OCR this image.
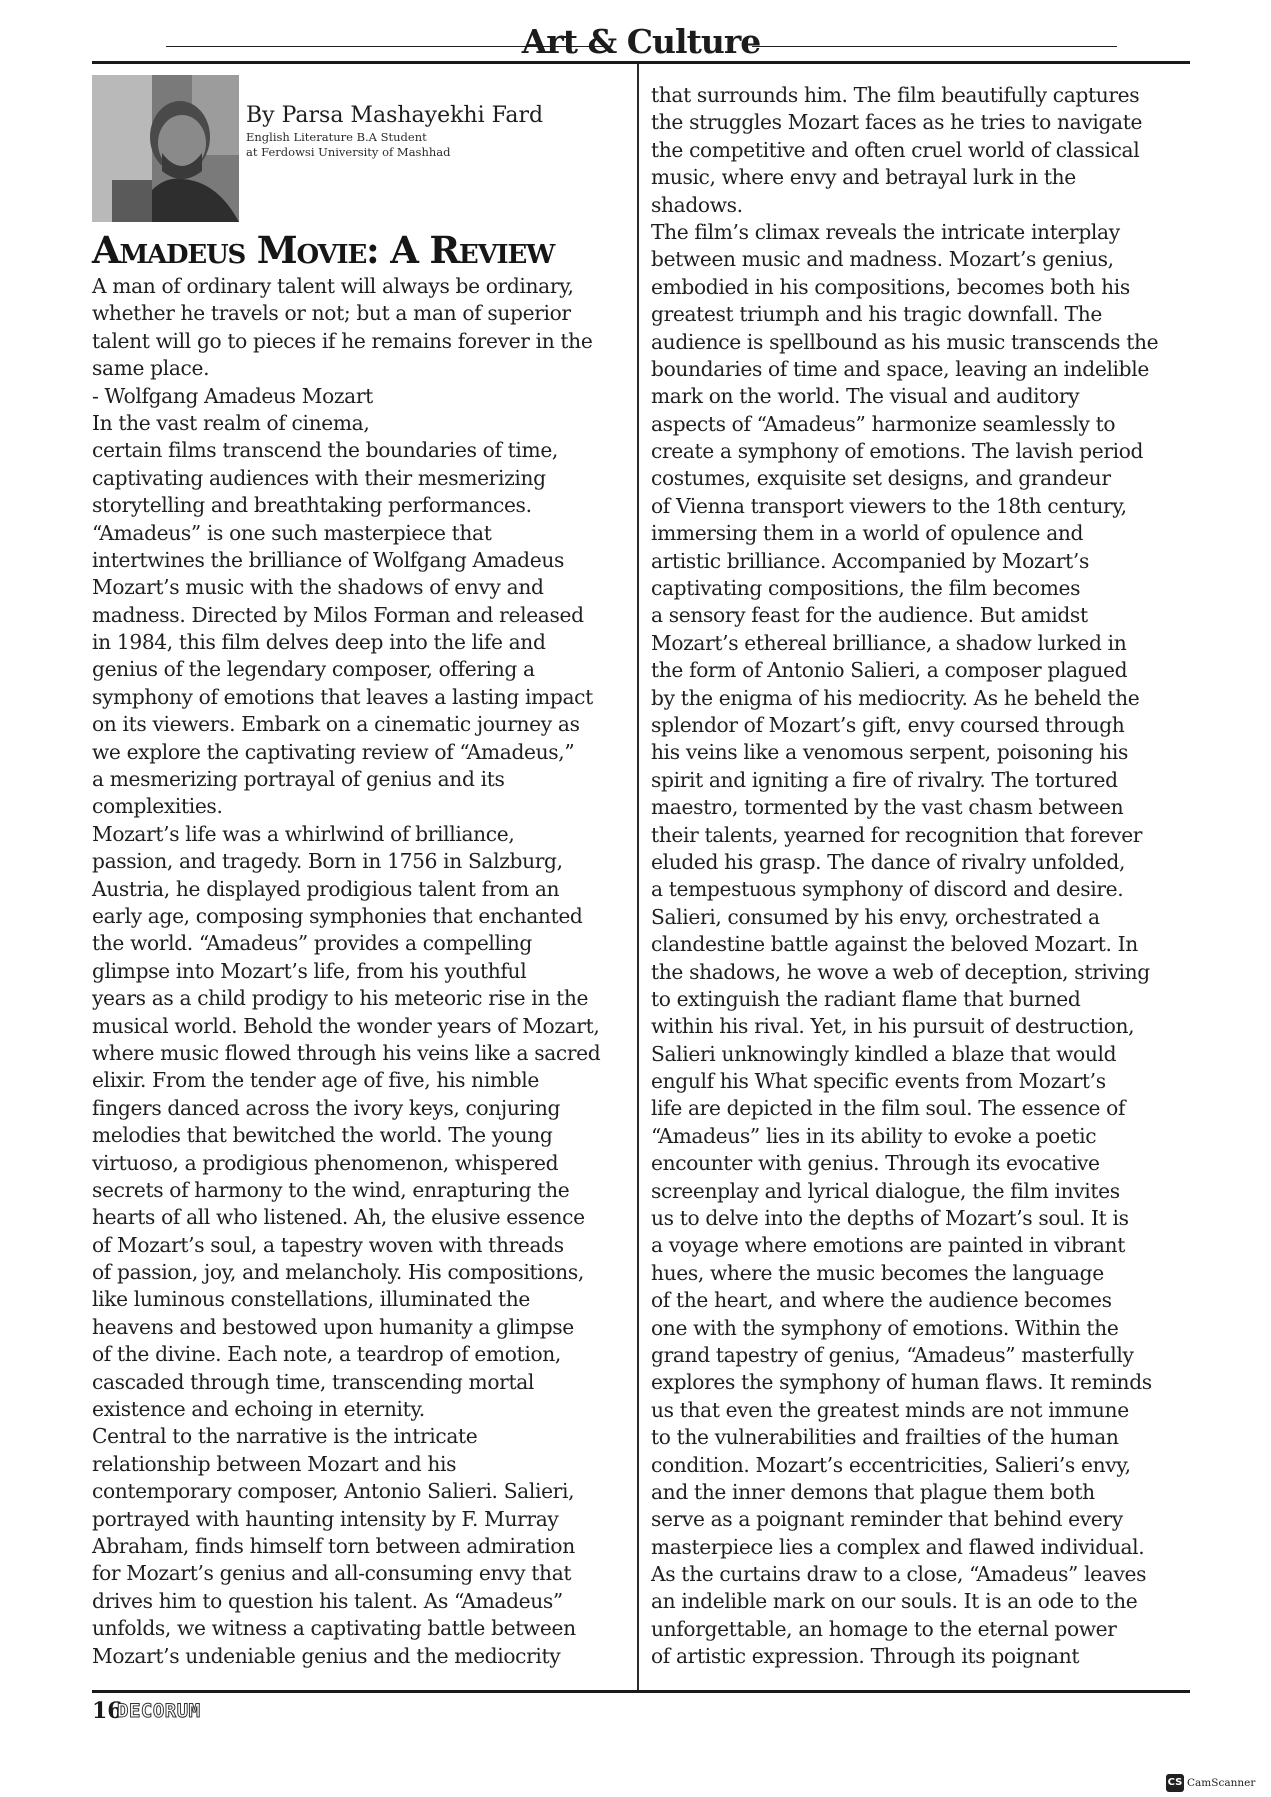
Art & Culture
By Parsa Mashayekhi Fard
English Literature B.A Student
at Ferdowsi University of Mashhad
Amadeus Movie: A Review
A man of ordinary talent will always be ordinary,
whether he travels or not; but a man of superior
talent will go to pieces if he remains forever in the
same place.
- Wolfgang Amadeus Mozart
In the vast realm of cinema,
certain films transcend the boundaries of time,
captivating audiences with their mesmerizing
storytelling and breathtaking performances.
“Amadeus” is one such masterpiece that
intertwines the brilliance of Wolfgang Amadeus
Mozart’s music with the shadows of envy and
madness. Directed by Milos Forman and released
in 1984, this film delves deep into the life and
genius of the legendary composer, offering a
symphony of emotions that leaves a lasting impact
on its viewers. Embark on a cinematic journey as
we explore the captivating review of “Amadeus,”
a mesmerizing portrayal of genius and its
complexities.
Mozart’s life was a whirlwind of brilliance,
passion, and tragedy. Born in 1756 in Salzburg,
Austria, he displayed prodigious talent from an
early age, composing symphonies that enchanted
the world. “Amadeus” provides a compelling
glimpse into Mozart’s life, from his youthful
years as a child prodigy to his meteoric rise in the
musical world. Behold the wonder years of Mozart,
where music flowed through his veins like a sacred
elixir. From the tender age of five, his nimble
fingers danced across the ivory keys, conjuring
melodies that bewitched the world. The young
virtuoso, a prodigious phenomenon, whispered
secrets of harmony to the wind, enrapturing the
hearts of all who listened. Ah, the elusive essence
of Mozart’s soul, a tapestry woven with threads
of passion, joy, and melancholy. His compositions,
like luminous constellations, illuminated the
heavens and bestowed upon humanity a glimpse
of the divine. Each note, a teardrop of emotion,
cascaded through time, transcending mortal
existence and echoing in eternity.
Central to the narrative is the intricate
relationship between Mozart and his
contemporary composer, Antonio Salieri. Salieri,
portrayed with haunting intensity by F. Murray
Abraham, finds himself torn between admiration
for Mozart’s genius and all-consuming envy that
drives him to question his talent. As “Amadeus”
unfolds, we witness a captivating battle between
Mozart’s undeniable genius and the mediocrity
that surrounds him. The film beautifully captures
the struggles Mozart faces as he tries to navigate
the competitive and often cruel world of classical
music, where envy and betrayal lurk in the
shadows.
The film’s climax reveals the intricate interplay
between music and madness. Mozart’s genius,
embodied in his compositions, becomes both his
greatest triumph and his tragic downfall. The
audience is spellbound as his music transcends the
boundaries of time and space, leaving an indelible
mark on the world. The visual and auditory
aspects of “Amadeus” harmonize seamlessly to
create a symphony of emotions. The lavish period
costumes, exquisite set designs, and grandeur
of Vienna transport viewers to the 18th century,
immersing them in a world of opulence and
artistic brilliance. Accompanied by Mozart’s
captivating compositions, the film becomes
a sensory feast for the audience. But amidst
Mozart’s ethereal brilliance, a shadow lurked in
the form of Antonio Salieri, a composer plagued
by the enigma of his mediocrity. As he beheld the
splendor of Mozart’s gift, envy coursed through
his veins like a venomous serpent, poisoning his
spirit and igniting a fire of rivalry. The tortured
maestro, tormented by the vast chasm between
their talents, yearned for recognition that forever
eluded his grasp. The dance of rivalry unfolded,
a tempestuous symphony of discord and desire.
Salieri, consumed by his envy, orchestrated a
clandestine battle against the beloved Mozart. In
the shadows, he wove a web of deception, striving
to extinguish the radiant flame that burned
within his rival. Yet, in his pursuit of destruction,
Salieri unknowingly kindled a blaze that would
engulf his What specific events from Mozart’s
life are depicted in the film soul. The essence of
“Amadeus” lies in its ability to evoke a poetic
encounter with genius. Through its evocative
screenplay and lyrical dialogue, the film invites
us to delve into the depths of Mozart’s soul. It is
a voyage where emotions are painted in vibrant
hues, where the music becomes the language
of the heart, and where the audience becomes
one with the symphony of emotions. Within the
grand tapestry of genius, “Amadeus” masterfully
explores the symphony of human flaws. It reminds
us that even the greatest minds are not immune
to the vulnerabilities and frailties of the human
condition. Mozart’s eccentricities, Salieri’s envy,
and the inner demons that plague them both
serve as a poignant reminder that behind every
masterpiece lies a complex and flawed individual.
As the curtains draw to a close, “Amadeus” leaves
an indelible mark on our souls. It is an ode to the
unforgettable, an homage to the eternal power
of artistic expression. Through its poignant
16
DECORUM
CS CamScanner
